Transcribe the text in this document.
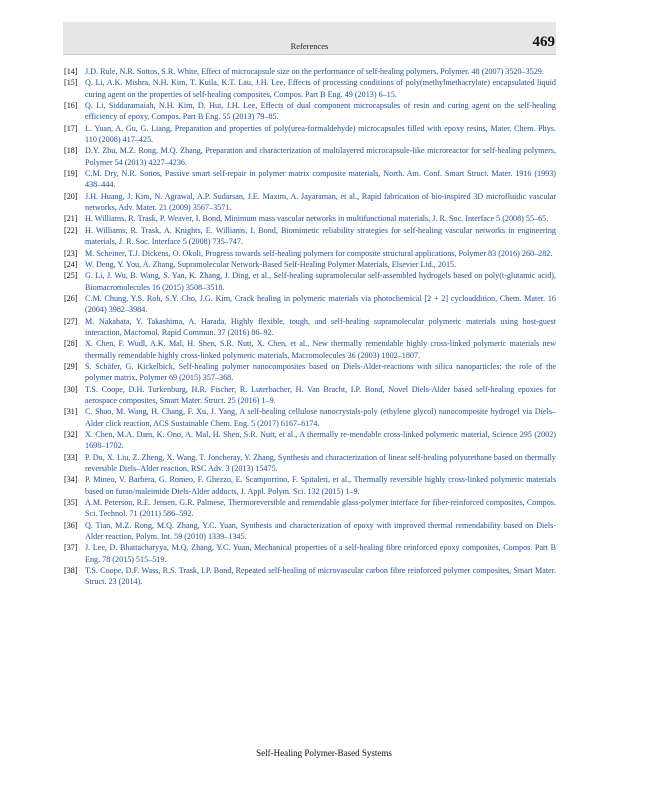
References	469
[14] J.D. Rule, N.R. Sottos, S.R. White, Effect of microcapsule size on the performance of self-healing polymers, Polymer. 48 (2007) 3520–3529.
[15] Q. Li, A.K. Mishra, N.H. Kim, T. Kuila, K.T. Lau, J.H. Lee, Effects of processing conditions of poly(methylmethacrylate) encapsulated liquid curing agent on the properties of self-healing composites, Compos. Part B Eng. 49 (2013) 6–15.
[16] Q. Li, Siddaramaiah, N.H. Kim, D. Hui, J.H. Lee, Effects of dual component microcapsules of resin and curing agent on the self-healing efficiency of epoxy, Compos. Part B Eng. 55 (2013) 79–85.
[17] L. Yuan, A. Gu, G. Liang, Preparation and properties of poly(urea-formaldehyde) microcapsules filled with epoxy resins, Mater. Chem. Phys. 110 (2008) 417–425.
[18] D.Y. Zhu, M.Z. Rong, M.Q. Zhang, Preparation and characterization of multilayered microcapsule-like microreactor for self-healing polymers, Polymer 54 (2013) 4227–4236.
[19] C.M. Dry, N.R. Sottos, Passive smart self-repair in polymer matrix composite materials, North. Am. Conf. Smart Struct. Mater. 1916 (1993) 438–444.
[20] J.H. Huang, J. Kim, N. Agrawal, A.P. Sudarsan, J.E. Maxim, A. Jayaraman, et al., Rapid fabrication of bio-inspired 3D microfluidic vascular networks, Adv. Mater. 21 (2009) 3567–3571.
[21] H. Williams, R. Trask, P. Weaver, I. Bond, Minimum mass vascular networks in multifunctional materials, J. R. Soc. Interface 5 (2008) 55–65.
[22] H. Williams, R. Trask, A. Knights, E. Williams, I. Bond, Biomimetic reliability strategies for self-healing vascular networks in engineering materials, J. R. Soc. Interface 5 (2008) 735–747.
[23] M. Scheiner, T.J. Dickens, O. Okoli, Progress towards self-healing polymers for composite structural applications, Polymer 83 (2016) 260–282.
[24] W. Deng, Y. You, A. Zhang, Supramolecular Network-Based Self-Healing Polymer Materials, Elsevier Ltd., 2015.
[25] G. Li, J. Wu, B. Wang, S. Yan, K. Zhang, J. Ding, et al., Self-healing supramolecular self-assembled hydrogels based on poly(t-glutamic acid), Biomacromolecules 16 (2015) 3508–3518.
[26] C.M. Chung, Y.S. Roh, S.Y. Cho, J.G. Kim, Crack healing in polymeric materials via photochemical [2 + 2] cycloaddition, Chem. Mater. 16 (2004) 3982–3984.
[27] M. Nakahata, Y. Takashima, A. Harada, Highly flexible, tough, and self-healing supramolecular polymeric materials using host-guest interaction, Macromol. Rapid Commun. 37 (2016) 86–92.
[28] X. Chen, F. Wudl, A.K. Mal, H. Shen, S.R. Nutt, X. Chen, et al., New thermally remendable highly cross-linked polymeric materials new thermally remendable highly cross-linked polymeric materials, Macromolecules 36 (2003) 1802–1807.
[29] S. Schäfer, G. Kickelbick, Self-healing polymer nanocomposites based on Diels-Alder-reactions with silica nanoparticles: the role of the polymer matrix, Polymer 69 (2015) 357–368.
[30] T.S. Coope, D.H. Turkenburg, H.R. Fischer, R. Luterbacher, H. Van Bracht, I.P. Bond, Novel Diels-Alder based self-healing epoxies for aerospace composites, Smart Mater. Struct. 25 (2016) 1–9.
[31] C. Shao, M. Wang, H. Chang, F. Xu, J. Yang, A self-healing cellulose nanocrystals-poly (ethylene glycol) nanocomposite hydrogel via Diels–Alder click reaction, ACS Sustainable Chem. Eng. 5 (2017) 6167–6174.
[32] X. Chen, M.A. Dam, K. Ono, A. Mal, H. Shen, S.R. Nutt, et al., A thermally re-mendable cross-linked polymeric material, Science 295 (2002) 1698–1702.
[33] P. Du, X. Liu, Z. Zheng, X. Wang, T. Joncheray, Y. Zhang, Synthesis and characterization of linear self-healing polyurethane based on thermally reversible Diels–Alder reaction, RSC Adv. 3 (2013) 15475.
[34] P. Mineo, V. Barbera, G. Romeo, F. Ghezzo, E. Scamporrino, F. Spitaleri, et al., Thermally reversible highly cross-linked polymeric materials based on furan/maleimide Diels-Alder adducts, J. Appl. Polym. Sci. 132 (2015) 1–9.
[35] A.M. Peterson, R.E. Jensen, G.R. Palmese, Thermoreversible and remendable glass-polymer interface for fiber-reinforced composites, Compos. Sci. Technol. 71 (2011) 586–592.
[36] Q. Tian, M.Z. Rong, M.Q. Zhang, Y.C. Yuan, Synthesis and characterization of epoxy with improved thermal remendability based on Diels-Alder reaction, Polym. Int. 59 (2010) 1339–1345.
[37] J. Lee, D. Bhattacharyya, M.Q. Zhang, Y.C. Yuan, Mechanical properties of a self-healing fibre reinforced epoxy composites, Compos. Part B Eng. 78 (2015) 515–519.
[38] T.S. Coope, D.F. Wass, R.S. Trask, I.P. Bond, Repeated self-healing of microvascular carbon fibre reinforced polymer composites, Smart Mater. Struct. 23 (2014).
Self-Healing Polymer-Based Systems
